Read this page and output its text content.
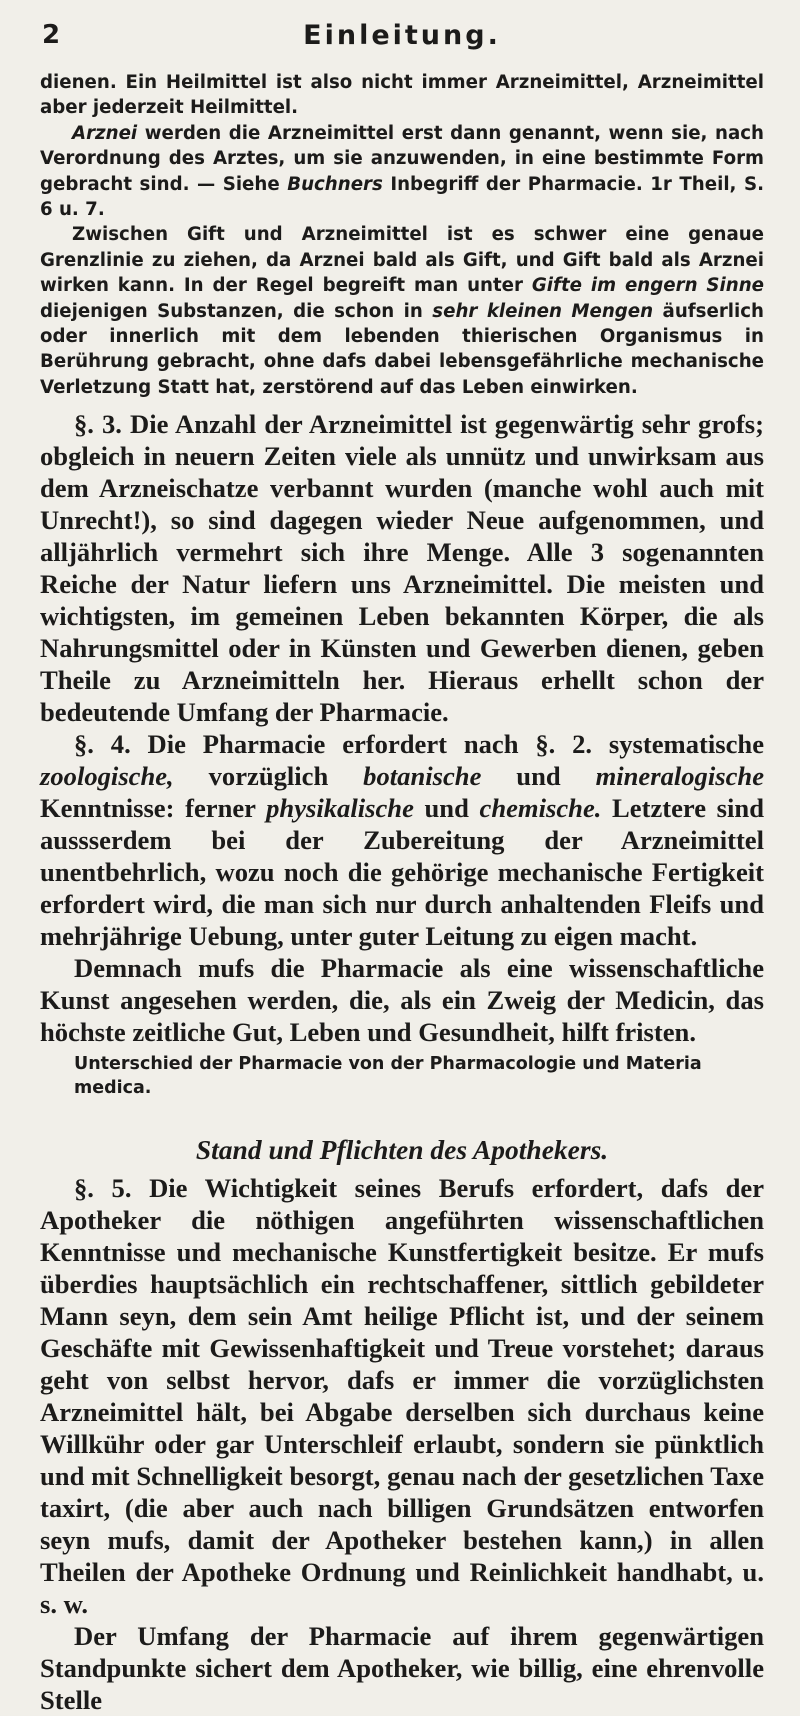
2	Einleitung.

dienen. Ein Heilmittel ist also nicht immer Arzneimittel, Arzneimittel aber jederzeit Heilmittel.

Arznei werden die Arzneimittel erst dann genannt, wenn sie, nach Verordnung des Arztes, um sie anzuwenden, in eine bestimmte Form gebracht sind. — Siehe Buchners Inbegriff der Pharmacie. 1r Theil, S. 6 u. 7.

Zwischen Gift und Arzneimittel ist es schwer eine genaue Grenzlinie zu ziehen, da Arznei bald als Gift, und Gift bald als Arznei wirken kann. In der Regel begreift man unter Gifte im engern Sinne diejenigen Substanzen, die schon in sehr kleinen Mengen äufserlich oder innerlich mit dem lebenden thierischen Organismus in Berührung gebracht, ohne dafs dabei lebensgefährliche mechanische Verletzung Statt hat, zerstörend auf das Leben einwirken.

§. 3. Die Anzahl der Arzneimittel ist gegenwärtig sehr grofs; obgleich in neuern Zeiten viele als unnütz und unwirksam aus dem Arzneischatze verbannt wurden (manche wohl auch mit Unrecht!), so sind dagegen wieder Neue aufgenommen, und alljährlich vermehrt sich ihre Menge. Alle 3 sogenannten Reiche der Natur liefern uns Arzneimittel. Die meisten und wichtigsten, im gemeinen Leben bekannten Körper, die als Nahrungsmittel oder in Künsten und Gewerben dienen, geben Theile zu Arzneimitteln her. Hieraus erhellt schon der bedeutende Umfang der Pharmacie.

§. 4. Die Pharmacie erfordert nach §. 2. systematische zoologische, vorzüglich botanische und mineralogische Kenntnisse: ferner physikalische und chemische. Letztere sind aussserdem bei der Zubereitung der Arzneimittel unentbehrlich, wozu noch die gehörige mechanische Fertigkeit erfordert wird, die man sich nur durch anhaltenden Fleifs und mehrjährige Uebung, unter guter Leitung zu eigen macht.

Demnach mufs die Pharmacie als eine wissenschaftliche Kunst angesehen werden, die, als ein Zweig der Medicin, das höchste zeitliche Gut, Leben und Gesundheit, hilft fristen.

Unterschied der Pharmacie von der Pharmacologie und Materia medica.

Stand und Pflichten des Apothekers.

§. 5. Die Wichtigkeit seines Berufs erfordert, dafs der Apotheker die nöthigen angeführten wissenschaftlichen Kenntnisse und mechanische Kunstfertigkeit besitze. Er mufs überdies hauptsächlich ein rechtschaffener, sittlich gebildeter Mann seyn, dem sein Amt heilige Pflicht ist, und der seinem Geschäfte mit Gewissenhaftigkeit und Treue vorstehet; daraus geht von selbst hervor, dafs er immer die vorzüglichsten Arzneimittel hält, bei Abgabe derselben sich durchaus keine Willkühr oder gar Unterschleif erlaubt, sondern sie pünktlich und mit Schnelligkeit besorgt, genau nach der gesetzlichen Taxe taxirt, (die aber auch nach billigen Grundsätzen entworfen seyn mufs, damit der Apotheker bestehen kann,) in allen Theilen der Apotheke Ordnung und Reinlichkeit handhabt, u. s. w.

Der Umfang der Pharmacie auf ihrem gegenwärtigen Standpunkte sichert dem Apotheker, wie billig, eine ehrenvolle Stelle
